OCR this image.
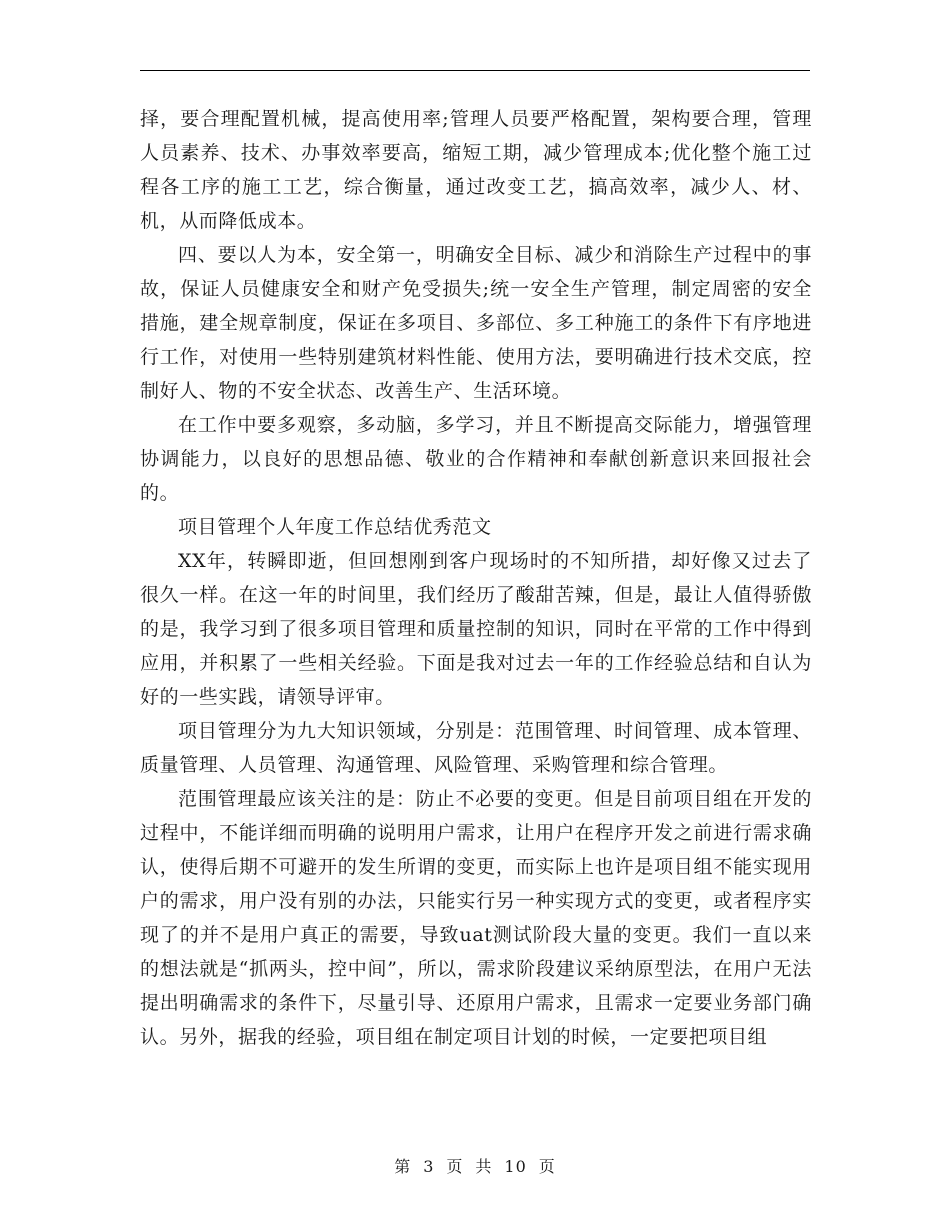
择，要合理配置机械，提高使用率;管理人员要严格配置，架构要合理，管理人员素养、技术、办事效率要高，缩短工期，减少管理成本;优化整个施工过程各工序的施工工艺，综合衡量，通过改变工艺，搞高效率，减少人、材、机，从而降低成本。

四、要以人为本，安全第一，明确安全目标、减少和消除生产过程中的事故，保证人员健康安全和财产免受损失;统一安全生产管理，制定周密的安全措施，建全规章制度，保证在多项目、多部位、多工种施工的条件下有序地进行工作，对使用一些特别建筑材料性能、使用方法，要明确进行技术交底，控制好人、物的不安全状态、改善生产、生活环境。

在工作中要多观察，多动脑，多学习，并且不断提高交际能力，增强管理协调能力，以良好的思想品德、敬业的合作精神和奉献创新意识来回报社会的。

项目管理个人年度工作总结优秀范文

XX年，转瞬即逝，但回想刚到客户现场时的不知所措，却好像又过去了很久一样。在这一年的时间里，我们经历了酸甜苦辣，但是，最让人值得骄傲的是，我学习到了很多项目管理和质量控制的知识，同时在平常的工作中得到应用，并积累了一些相关经验。下面是我对过去一年的工作经验总结和自认为好的一些实践，请领导评审。

项目管理分为九大知识领域，分别是：范围管理、时间管理、成本管理、质量管理、人员管理、沟通管理、风险管理、采购管理和综合管理。

范围管理最应该关注的是：防止不必要的变更。但是目前项目组在开发的过程中，不能详细而明确的说明用户需求，让用户在程序开发之前进行需求确认，使得后期不可避开的发生所谓的变更，而实际上也许是项目组不能实现用户的需求，用户没有别的办法，只能实行另一种实现方式的变更，或者程序实现了的并不是用户真正的需要，导致uat测试阶段大量的变更。我们一直以来的想法就是“抓两头，控中间”，所以，需求阶段建议采纳原型法，在用户无法提出明确需求的条件下，尽量引导、还原用户需求，且需求一定要业务部门确认。另外，据我的经验，项目组在制定项目计划的时候，一定要把项目组

第 3 页 共 10 页
